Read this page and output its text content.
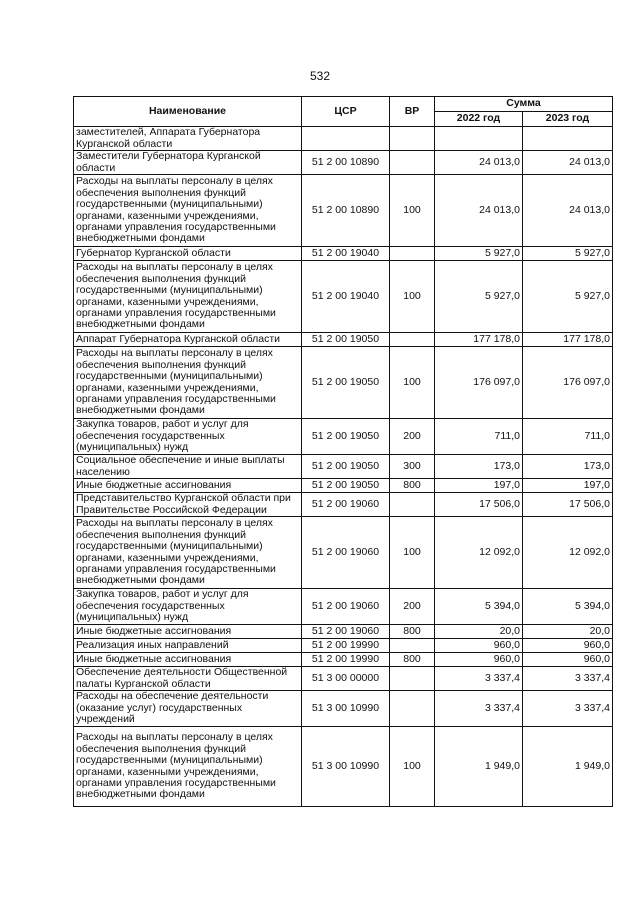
532
Наименование	ЦСР	ВР	Сумма	
			2022 год	2023 год
заместителей, Аппарата Губернатора Курганской области				
Заместители Губернатора Курганской области	51 2 00 10890		24 013,0	24 013,0
Расходы на выплаты персоналу в целях обеспечения выполнения функций государственными (муниципальными) органами, казенными учреждениями, органами управления государственными внебюджетными фондами	51 2 00 10890	100	24 013,0	24 013,0
Губернатор Курганской области	51 2 00 19040		5 927,0	5 927,0
Расходы на выплаты персоналу в целях обеспечения выполнения функций государственными (муниципальными) органами, казенными учреждениями, органами управления государственными внебюджетными фондами	51 2 00 19040	100	5 927,0	5 927,0
Аппарат Губернатора Курганской области	51 2 00 19050		177 178,0	177 178,0
Расходы на выплаты персоналу в целях обеспечения выполнения функций государственными (муниципальными) органами, казенными учреждениями, органами управления государственными внебюджетными фондами	51 2 00 19050	100	176 097,0	176 097,0
Закупка товаров, работ и услуг для обеспечения государственных (муниципальных) нужд	51 2 00 19050	200	711,0	711,0
Социальное обеспечение и иные выплаты населению	51 2 00 19050	300	173,0	173,0
Иные бюджетные ассигнования	51 2 00 19050	800	197,0	197,0
Представительство Курганской области при Правительстве Российской Федерации	51 2 00 19060		17 506,0	17 506,0
Расходы на выплаты персоналу в целях обеспечения выполнения функций государственными (муниципальными) органами, казенными учреждениями, органами управления государственными внебюджетными фондами	51 2 00 19060	100	12 092,0	12 092,0
Закупка товаров, работ и услуг для обеспечения государственных (муниципальных) нужд	51 2 00 19060	200	5 394,0	5 394,0
Иные бюджетные ассигнования	51 2 00 19060	800	20,0	20,0
Реализация иных направлений	51 2 00 19990		960,0	960,0
Иные бюджетные ассигнования	51 2 00 19990	800	960,0	960,0
Обеспечение деятельности Общественной палаты Курганской области	51 3 00 00000		3 337,4	3 337,4
Расходы на обеспечение деятельности (оказание услуг) государственных учреждений	51 3 00 10990		3 337,4	3 337,4
Расходы на выплаты персоналу в целях обеспечения выполнения функций государственными (муниципальными) органами, казенными учреждениями, органами управления государственными внебюджетными фондами	51 3 00 10990	100	1 949,0	1 949,0
